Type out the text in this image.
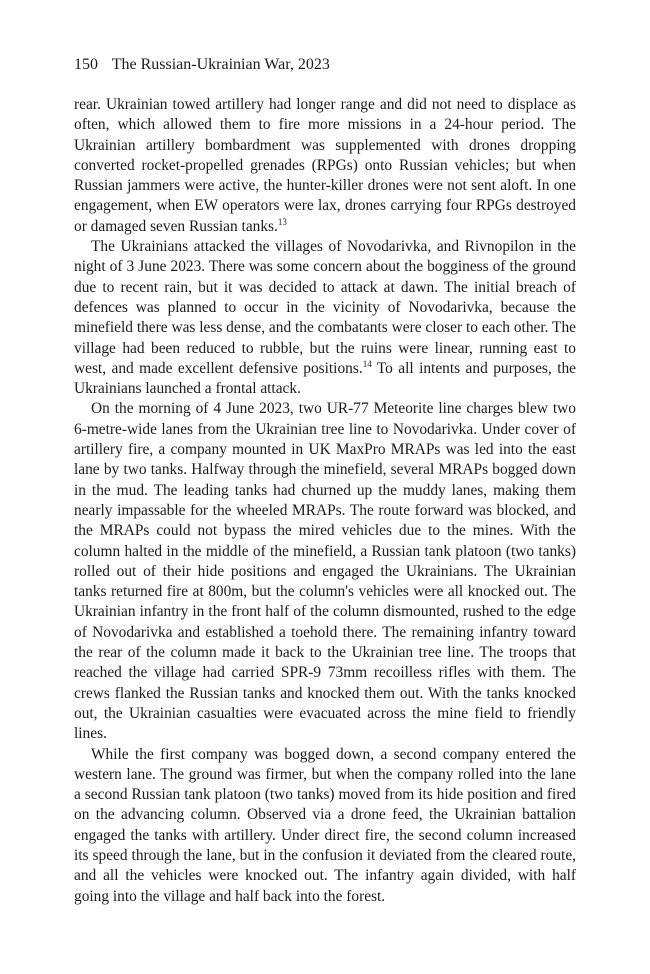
150 The Russian-Ukrainian War, 2023

rear. Ukrainian towed artillery had longer range and did not need to displace as often, which allowed them to fire more missions in a 24-hour period. The Ukrainian artillery bombardment was supplemented with drones dropping converted rocket-propelled grenades (RPGs) onto Russian vehicles; but when Russian jammers were active, the hunter-killer drones were not sent aloft. In one engagement, when EW operators were lax, drones carrying four RPGs destroyed or damaged seven Russian tanks.$^{13}$

The Ukrainians attacked the villages of Novodarivka, and Rivnopilon in the night of 3 June 2023. There was some concern about the bogginess of the ground due to recent rain, but it was decided to attack at dawn. The initial breach of defences was planned to occur in the vicinity of Novodarivka, because the minefield there was less dense, and the combatants were closer to each other. The village had been reduced to rubble, but the ruins were linear, running east to west, and made excellent defensive positions.$^{14}$ To all intents and purposes, the Ukrainians launched a frontal attack.

On the morning of 4 June 2023, two UR-77 Meteorite line charges blew two 6-metre-wide lanes from the Ukrainian tree line to Novodarivka. Under cover of artillery fire, a company mounted in UK MaxPro MRAPs was led into the east lane by two tanks. Halfway through the minefield, several MRAPs bogged down in the mud. The leading tanks had churned up the muddy lanes, making them nearly impassable for the wheeled MRAPs. The route forward was blocked, and the MRAPs could not bypass the mired vehicles due to the mines. With the column halted in the middle of the minefield, a Russian tank platoon (two tanks) rolled out of their hide positions and engaged the Ukrainians. The Ukrainian tanks returned fire at 800m, but the column's vehicles were all knocked out. The Ukrainian infantry in the front half of the column dismounted, rushed to the edge of Novodarivka and established a toehold there. The remaining infantry toward the rear of the column made it back to the Ukrainian tree line. The troops that reached the village had carried SPR-9 73mm recoilless rifles with them. The crews flanked the Russian tanks and knocked them out. With the tanks knocked out, the Ukrainian casualties were evacuated across the mine field to friendly lines.

While the first company was bogged down, a second company entered the western lane. The ground was firmer, but when the company rolled into the lane a second Russian tank platoon (two tanks) moved from its hide position and fired on the advancing column. Observed via a drone feed, the Ukrainian battalion engaged the tanks with artillery. Under direct fire, the second column increased its speed through the lane, but in the confusion it deviated from the cleared route, and all the vehicles were knocked out. The infantry again divided, with half going into the village and half back into the forest.
